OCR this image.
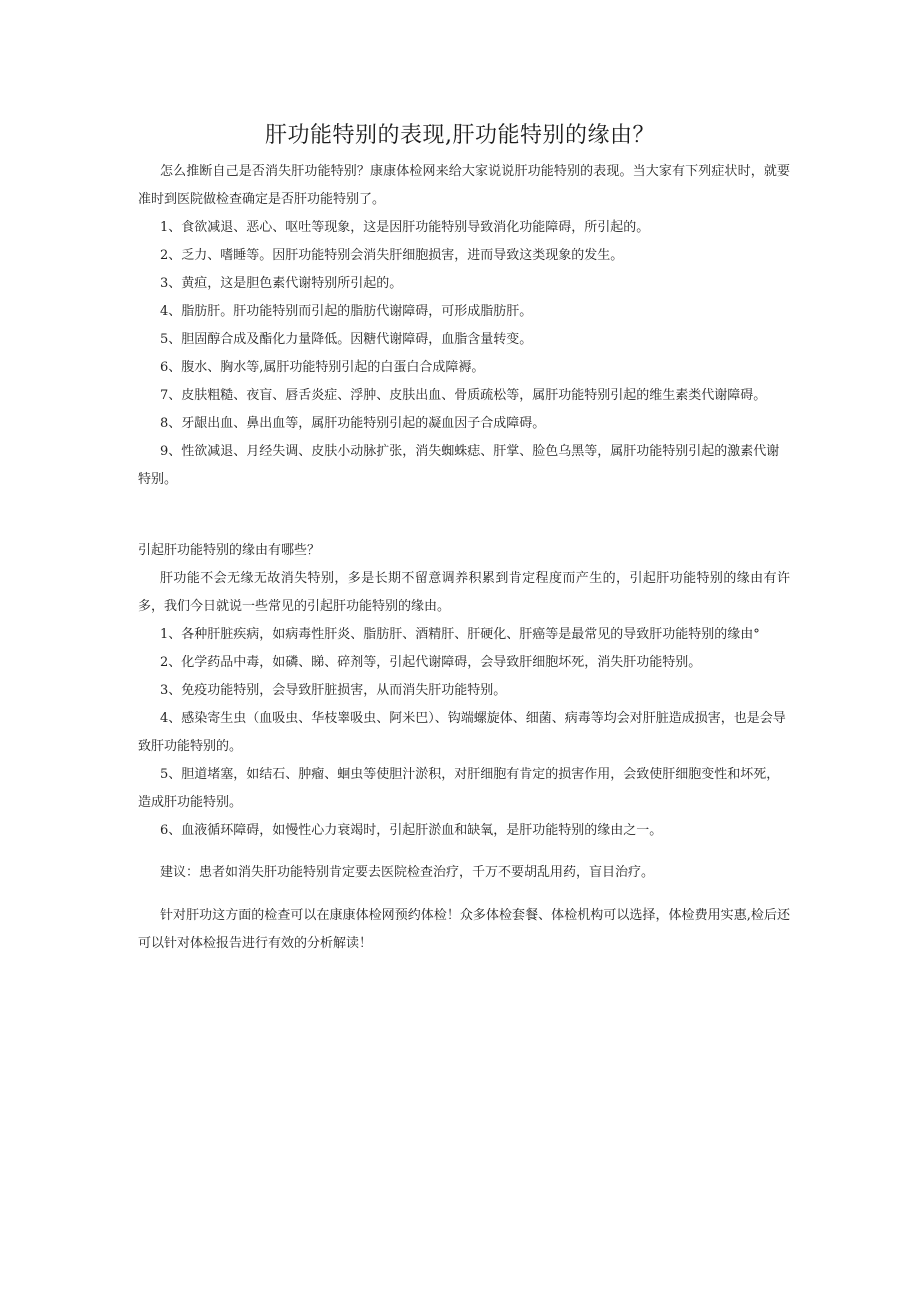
肝功能特别的表现,肝功能特别的缘由？

怎么推断自己是否消失肝功能特别？康康体检网来给大家说说肝功能特别的表现。当大家有下列症状时，就要准时到医院做检查确定是否肝功能特别了。

1、食欲减退、恶心、呕吐等现象，这是因肝功能特别导致消化功能障碍，所引起的。

2、乏力、嗜睡等。因肝功能特别会消失肝细胞损害，进而导致这类现象的发生。

3、黄疸，这是胆色素代谢特别所引起的。

4、脂肪肝。肝功能特别而引起的脂肪代谢障碍，可形成脂肪肝。

5、胆固醇合成及酯化力量降低。因糖代谢障碍，血脂含量转变。

6、腹水、胸水等,属肝功能特别引起的白蛋白合成障褥。

7、皮肤粗糙、夜盲、唇舌炎症、浮肿、皮肤出血、骨质疏松等，属肝功能特别引起的维生素类代谢障碍。

8、牙龈出血、鼻出血等，属肝功能特别引起的凝血因子合成障碍。

9、性欲减退、月经失调、皮肤小动脉扩张，消失蜘蛛痣、肝掌、脸色乌黑等，属肝功能特别引起的激素代谢特别。

引起肝功能特别的缘由有哪些？

肝功能不会无缘无故消失特别，多是长期不留意调养积累到肯定程度而产生的，引起肝功能特别的缘由有许多，我们今日就说一些常见的引起肝功能特别的缘由。

1、各种肝脏疾病，如病毒性肝炎、脂肪肝、酒精肝、肝硬化、肝癌等是最常见的导致肝功能特别的缘由°

2、化学药品中毒，如磷、睇、碎剂等，引起代谢障碍，会导致肝细胞坏死，消失肝功能特别。

3、免疫功能特别，会导致肝脏损害，从而消失肝功能特别。

4、感染寄生虫（血吸虫、华枝睾吸虫、阿米巴）、钩端螺旋体、细菌、病毒等均会对肝脏造成损害，也是会导致肝功能特别的。

5、胆道堵塞，如结石、肿瘤、蛔虫等使胆汁淤积，对肝细胞有肯定的损害作用，会致使肝细胞变性和坏死，造成肝功能特别。

6、血液循环障碍，如慢性心力衰竭时，引起肝淤血和缺氧，是肝功能特别的缘由之一。

建议：患者如消失肝功能特别肯定要去医院检查治疗，千万不要胡乱用药，盲目治疗。

针对肝功这方面的检查可以在康康体检网预约体检！众多体检套餐、体检机构可以选择，体检费用实惠,检后还可以针对体检报告进行有效的分析解读！
